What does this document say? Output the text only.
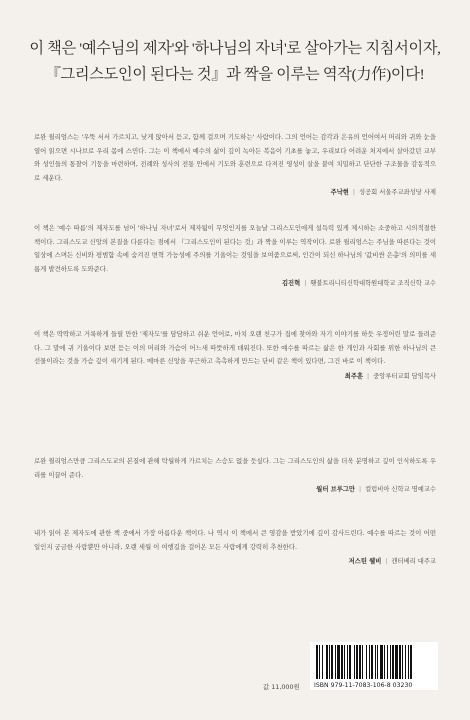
이 책은 '예수님의 제자'와 '하나님의 자녀'로 살아가는 지침서이자,
『그리스도인이 된다는 것』과 짝을 이루는 역작(力作)이다!

로완 윌리엄스는 '우뚝 서서 가르치고, 낮게 앉아서 듣고, 함께 걸으며 기도하는' 사람이다. 그의 언어는 감각과 은유의 언어여서 머리와 귀와 눈을 열어 읽으면 시나브로 우리 몸에 스민다. 그는 이 책에서 예수의 삶이 깊이 녹아든 복음이 기초를 놓고, 우리보다 어려운 처지에서 살아갔던 교부와 성인들의 통찰이 기둥을 마련하며, 전례와 성사의 전통 안에서 기도와 훈련으로 다져진 영성이 살을 붙여 치밀하고 단단한 구조물을 감동적으로 세운다.

주낙현 | 성공회 서울주교좌성당 사제

이 책은 '예수 따름'의 제자도를 넘어 '하나님 자녀'로서 제자됨이 무엇인지를 오늘날 그리스도인에게 설득력 있게 제시하는 소중하고 시의적절한 책이다. 그리스도교 신앙의 본질을 다룬다는 점에서 『그리스도인이 된다는 것』과 짝을 이루는 역작이다. 로완 윌리엄스는 주님을 따른다는 것이 일상에 스며든 신비와 평범함 속에 숨겨진 변혁 가능성에 주의를 기울이는 것임을 보여줌으로써, 인간이 되신 하나님의 '값비싼 은총'의 의미를 새롭게 발견하도록 도와준다.

김진혁 | 횃불트리니티신학대학원대학교 조직신학 교수

이 책은 딱딱하고 거룩하게 들릴 만한 '제자도'를 담담하고 쉬운 언어로, 마치 오랜 친구가 집에 찾아와 자기 이야기를 하듯 우정어린 말로 들려준다. 그 말에 귀 기울이다 보면 듣는 이의 머리와 가슴이 어느새 따뜻하게 데워진다. 또한 예수를 따르는 삶은 한 개인과 사회를 위한 하나님의 큰 선물이라는 것을 가슴 깊이 새기게 된다. 메마른 신앙을 푸근하고 촉촉하게 만드는 단비 같은 책이 있다면, 그건 바로 이 책이다.

최주훈 | 중앙루터교회 담임목사

로완 윌리엄스만큼 그리스도교의 본질에 관해 탁월하게 가르치는 스승도 없을 듯싶다. 그는 그리스도인의 삶을 더욱 분명하고 깊이 인식하도록 우리를 이끌어 준다.

월터 브루그만 | 컬럼비아 신학교 명예교수

내가 읽어 본 제자도에 관한 책 중에서 가장 아름다운 책이다. 나 역시 이 책에서 큰 영감을 받았기에 깊이 감사드린다. 예수를 따르는 것이 어떤 일인지 궁금한 사람뿐만 아니라, 오랜 세월 이 여행길을 걸어온 모든 사람에게 강력히 추천한다.

저스틴 웰비 | 캔터베리 대주교
값 11,000원 ISBN 979-11-7083-106-8 03230
